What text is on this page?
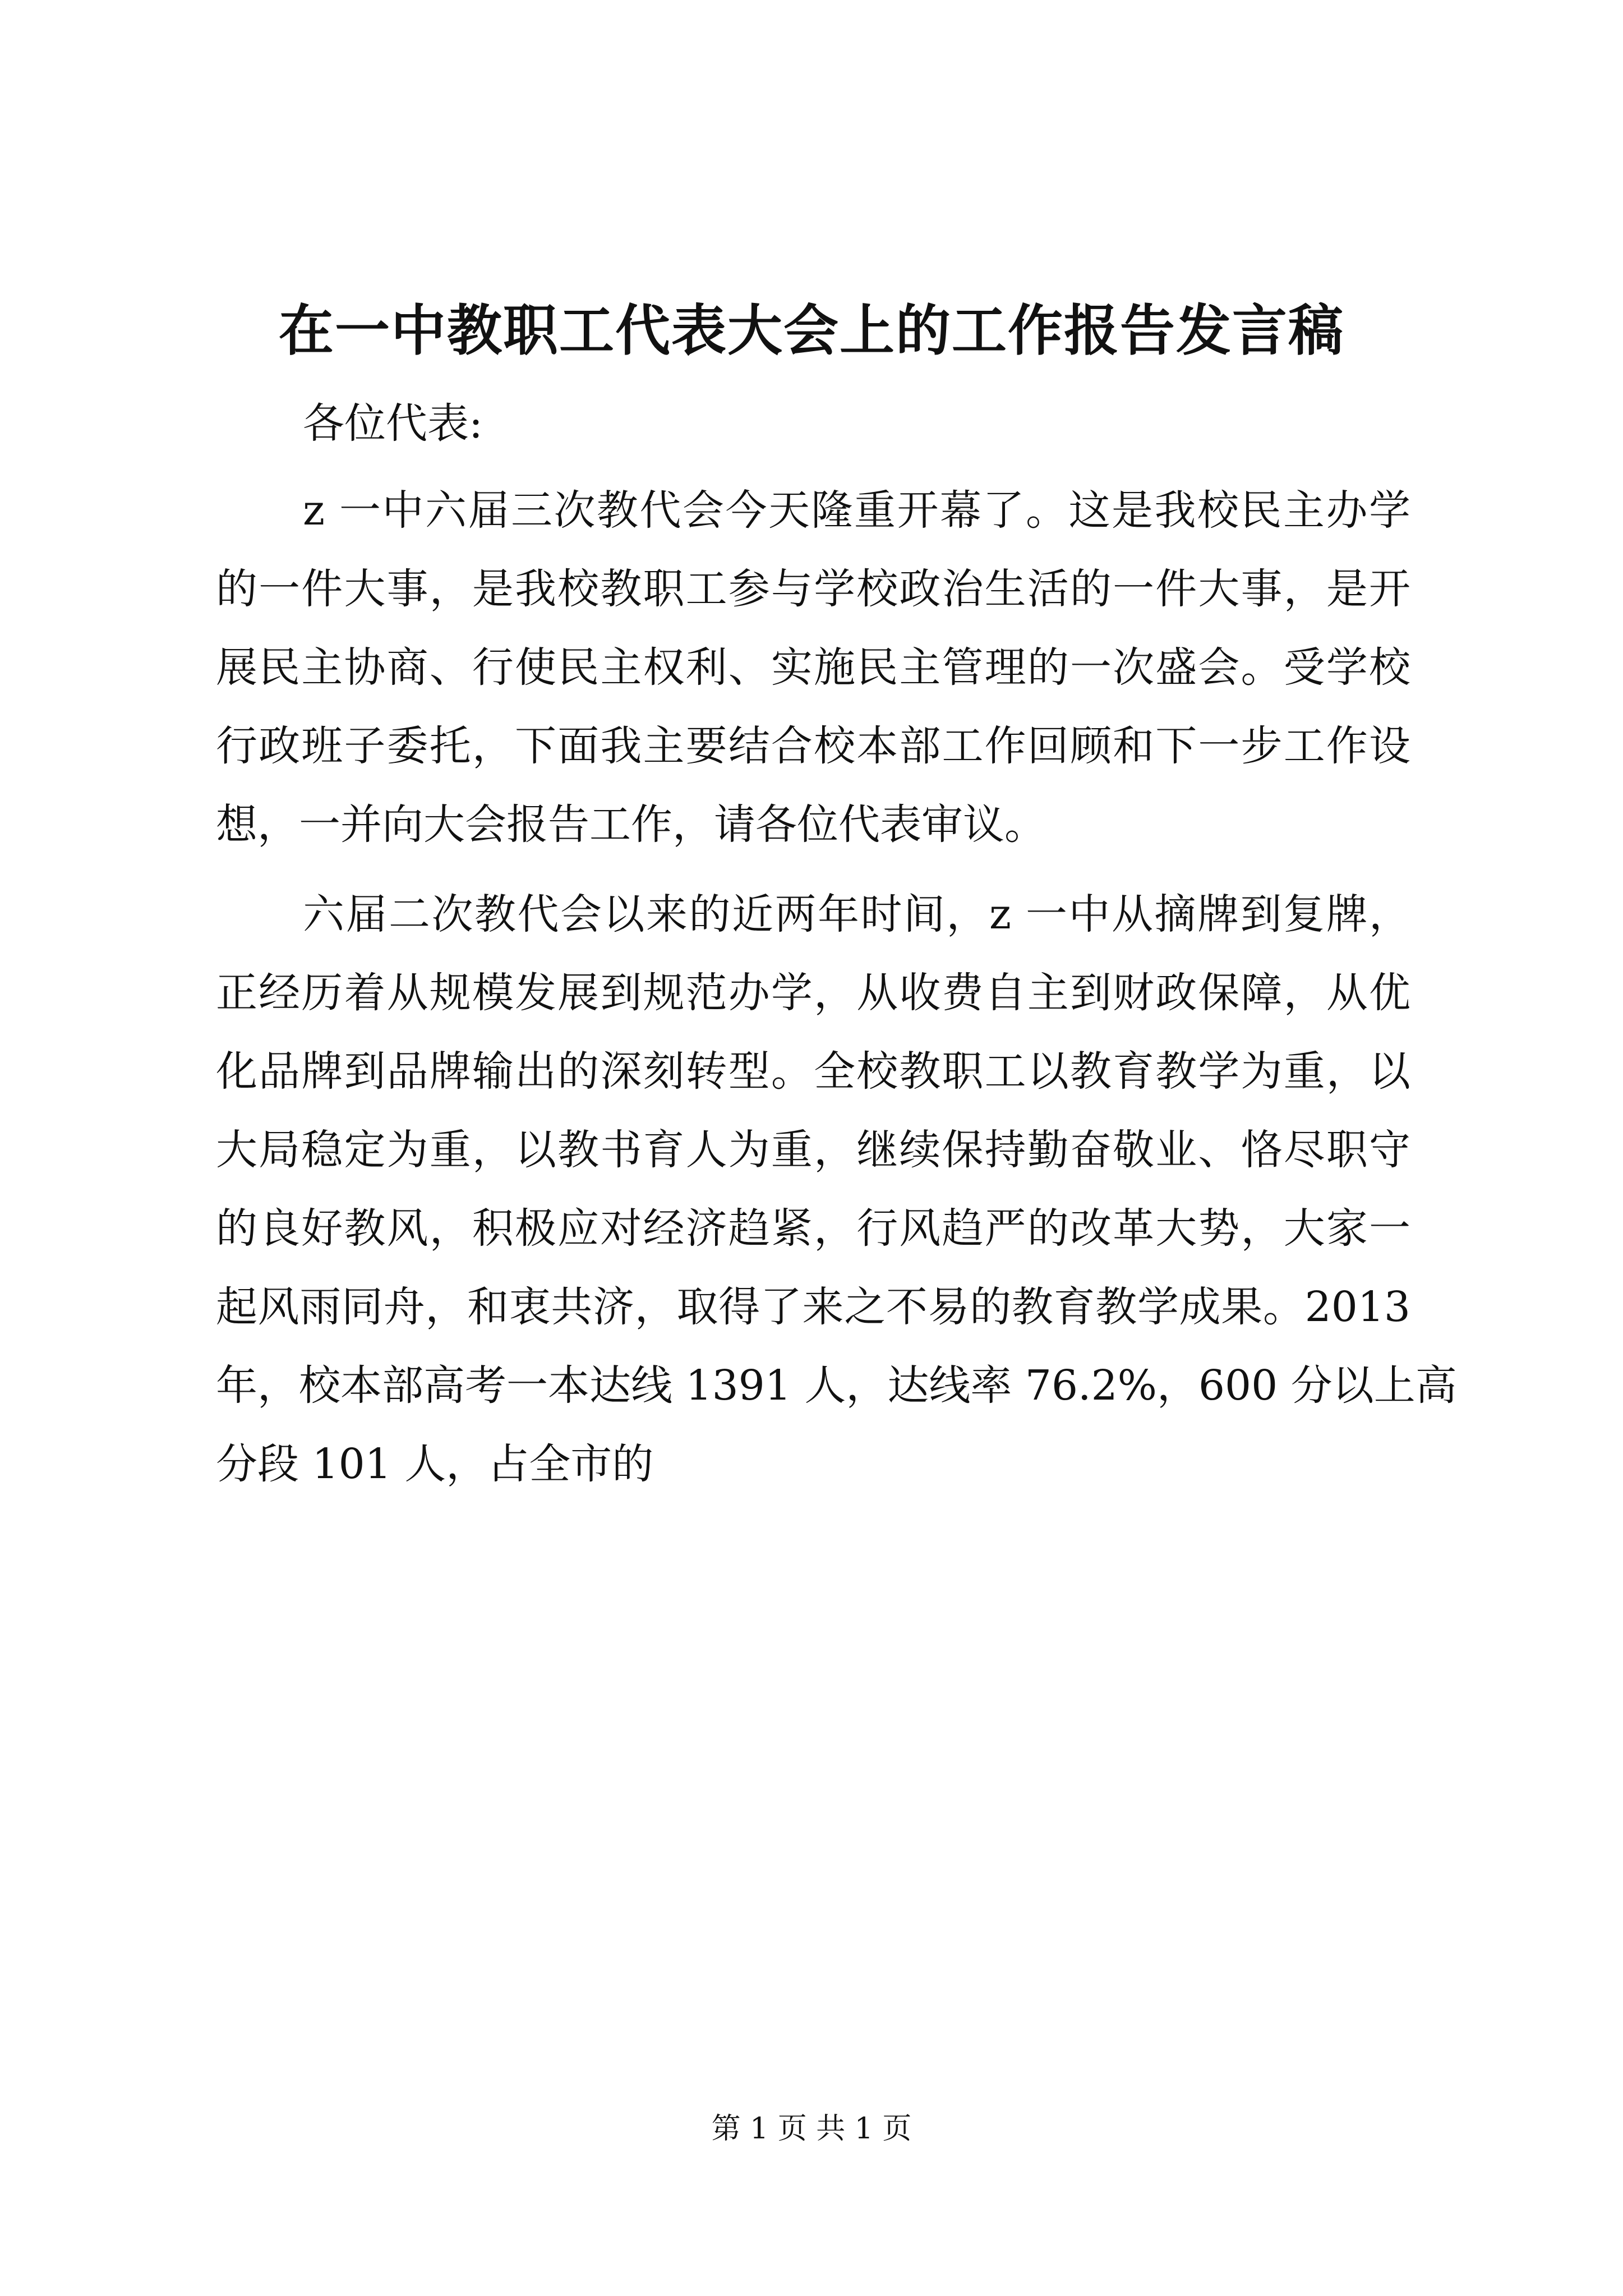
在一中教职工代表大会上的工作报告发言稿
各位代表:
z 一中六届三次教代会今天隆重开幕了。这是我校民主办学
的一件大事，是我校教职工参与学校政治生活的一件大事，是开
展民主协商、行使民主权利、实施民主管理的一次盛会。受学校
行政班子委托，下面我主要结合校本部工作回顾和下一步工作设
想，一并向大会报告工作，请各位代表审议。
六届二次教代会以来的近两年时间，z 一中从摘牌到复牌，
正经历着从规模发展到规范办学，从收费自主到财政保障，从优
化品牌到品牌输出的深刻转型。全校教职工以教育教学为重，以
大局稳定为重，以教书育人为重，继续保持勤奋敬业、恪尽职守
的良好教风，积极应对经济趋紧，行风趋严的改革大势，大家一
起风雨同舟，和衷共济，取得了来之不易的教育教学成果。2013
年，校本部高考一本达线 1391 人，达线率 76.2%，600 分以上高
分段 101 人，占全市的
第 1 页 共 1 页
